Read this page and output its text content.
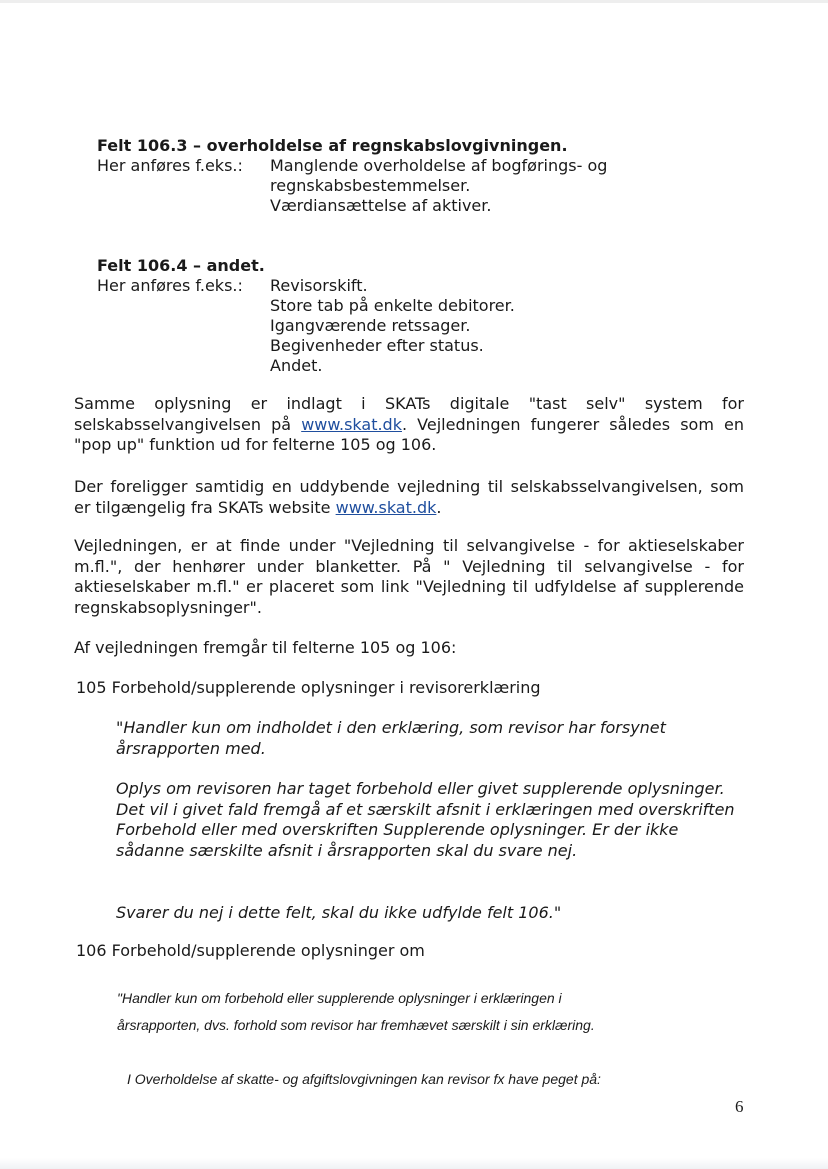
Felt 106.3 – overholdelse af regnskabslovgivningen.
Her anføres f.eks.: Manglende overholdelse af bogførings- og
regnskabsbestemmelser.
Værdiansættelse af aktiver.
Felt 106.4 – andet.
Her anføres f.eks.: Revisorskift.
Store tab på enkelte debitorer.
Igangværende retssager.
Begivenheder efter status.
Andet.
Samme oplysning er indlagt i SKATs digitale "tast selv" system for selskabsselvangivelsen på www.skat.dk. Vejledningen fungerer således som en "pop up" funktion ud for felterne 105 og 106.
Der foreligger samtidig en uddybende vejledning til selskabsselvangivelsen, som er tilgængelig fra SKATs website www.skat.dk.
Vejledningen, er at finde under "Vejledning til selvangivelse - for aktieselskaber m.fl.", der henhører under blanketter. På " Vejledning til selvangivelse - for aktieselskaber m.fl." er placeret som link "Vejledning til udfyldelse af supplerende regnskabsoplysninger".
Af vejledningen fremgår til felterne 105 og 106:
105 Forbehold/supplerende oplysninger i revisorerklæring
"Handler kun om indholdet i den erklæring, som revisor har forsynet årsrapporten med.
Oplys om revisoren har taget forbehold eller givet supplerende oplysninger. Det vil i givet fald fremgå af et særskilt afsnit i erklæringen med overskriften Forbehold eller med overskriften Supplerende oplysninger. Er der ikke sådanne særskilte afsnit i årsrapporten skal du svare nej.
Svarer du nej i dette felt, skal du ikke udfylde felt 106."
106 Forbehold/supplerende oplysninger om
"Handler kun om forbehold eller supplerende oplysninger i erklæringen i
årsrapporten, dvs. forhold som revisor har fremhævet særskilt i sin erklæring.
I Overholdelse af skatte- og afgiftslovgivningen kan revisor fx have peget på:
6
